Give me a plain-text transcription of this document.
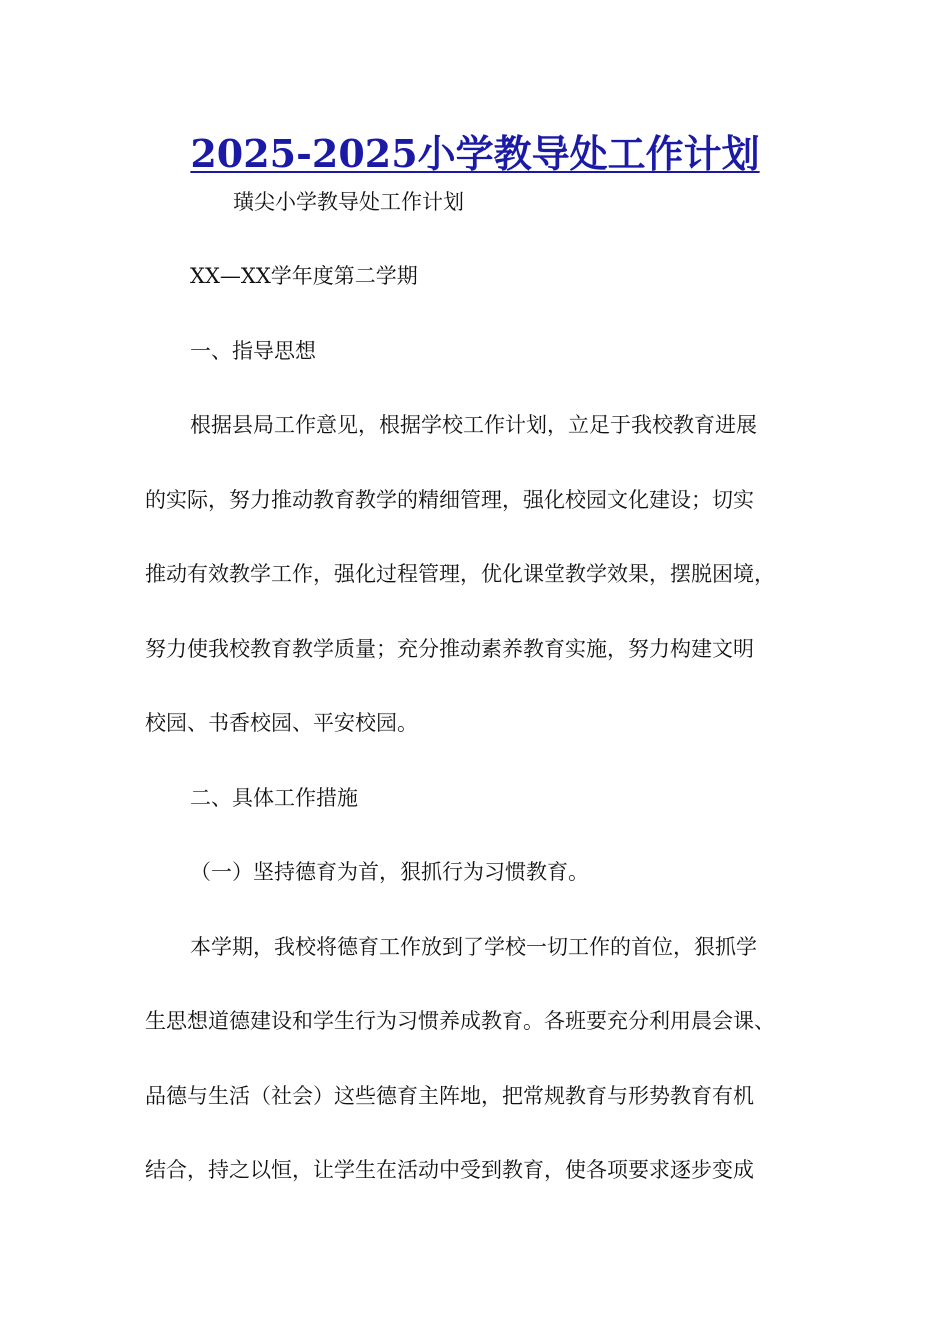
2025-2025小学教导处工作计划
璜尖小学教导处工作计划
XX—XX学年度第二学期
一、指导思想
根据县局工作意见，根据学校工作计划，立足于我校教育进展
的实际，努力推动教育教学的精细管理，强化校园文化建设；切实
推动有效教学工作，强化过程管理，优化课堂教学效果，摆脱困境，
努力使我校教育教学质量；充分推动素养教育实施，努力构建文明
校园、书香校园、平安校园。
二、具体工作措施
（一）坚持德育为首，狠抓行为习惯教育。
本学期，我校将德育工作放到了学校一切工作的首位，狠抓学
生思想道德建设和学生行为习惯养成教育。各班要充分利用晨会课、
品德与生活（社会）这些德育主阵地，把常规教育与形势教育有机
结合，持之以恒，让学生在活动中受到教育，使各项要求逐步变成
